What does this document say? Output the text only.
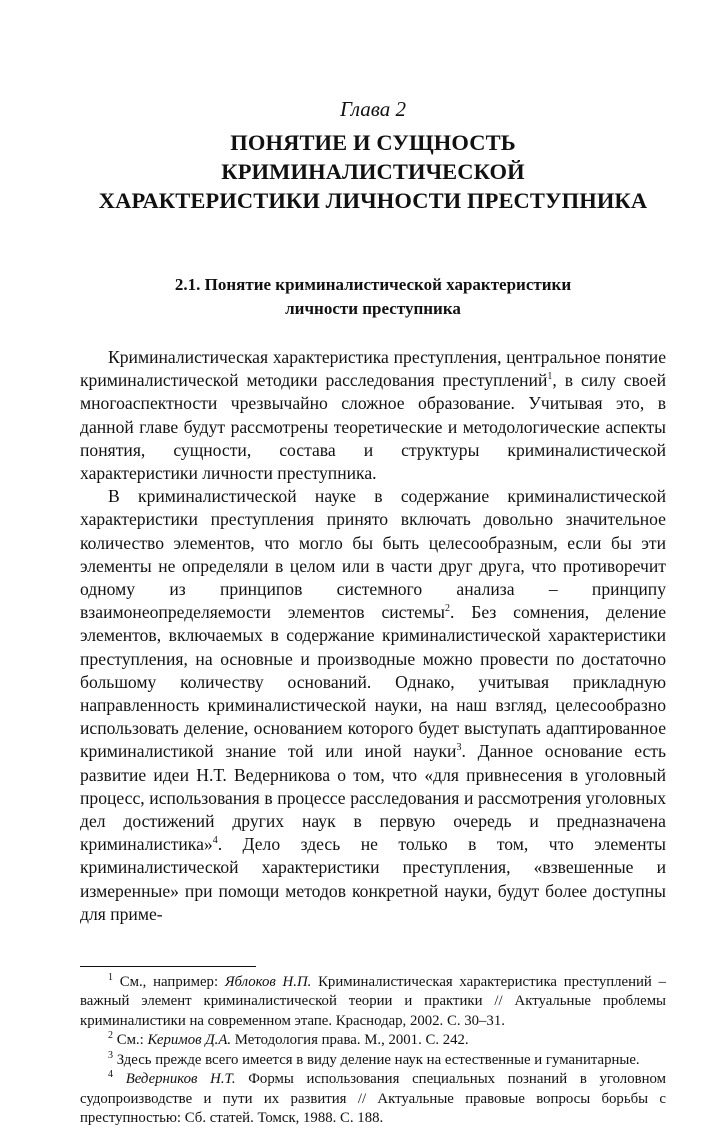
Глава 2
ПОНЯТИЕ И СУЩНОСТЬ КРИМИНАЛИСТИЧЕСКОЙ
ХАРАКТЕРИСТИКИ ЛИЧНОСТИ ПРЕСТУПНИКА
2.1. Понятие криминалистической характеристики
личности преступника

Криминалистическая характеристика преступления, центральное понятие криминалистической методики расследования преступлений$^1$, в силу своей многоаспектности чрезвычайно сложное образование. Учитывая это, в данной главе будут рассмотрены теоретические и методологические аспекты понятия, сущности, состава и структуры криминалистической характеристики личности преступника.

В криминалистической науке в содержание криминалистической характеристики преступления принято включать довольно значительное количество элементов, что могло бы быть целесообразным, если бы эти элементы не определяли в целом или в части друг друга, что противоречит одному из принципов системного анализа – принципу взаимонеопределяемости элементов системы$^2$. Без сомнения, деление элементов, включаемых в содержание криминалистической характеристики преступления, на основные и производные можно провести по достаточно большому количеству оснований. Однако, учитывая прикладную направленность криминалистической науки, на наш взгляд, целесообразно использовать деление, основанием которого будет выступать адаптированное криминалистикой знание той или иной науки$^3$. Данное основание есть развитие идеи Н.Т. Ведерникова о том, что «для привнесения в уголовный процесс, использования в процессе расследования и рассмотрения уголовных дел достижений других наук в первую очередь и предназначена криминалистика»$^4$. Дело здесь не только в том, что элементы криминалистической характеристики преступления, «взвешенные и измеренные» при помощи методов конкретной науки, будут более доступны для приме-

$^1$ См., например: Яблоков Н.П. Криминалистическая характеристика преступлений – важный элемент криминалистической теории и практики // Актуальные проблемы криминалистики на современном этапе. Краснодар, 2002. С. 30–31.

$^2$ См.: Керимов Д.А. Методология права. М., 2001. С. 242.

$^3$ Здесь прежде всего имеется в виду деление наук на естественные и гуманитарные.

$^4$ Ведерников Н.Т. Формы использования специальных познаний в уголовном судопроизводстве и пути их развития // Актуальные правовые вопросы борьбы с преступностью: Сб. статей. Томск, 1988. С. 188.
